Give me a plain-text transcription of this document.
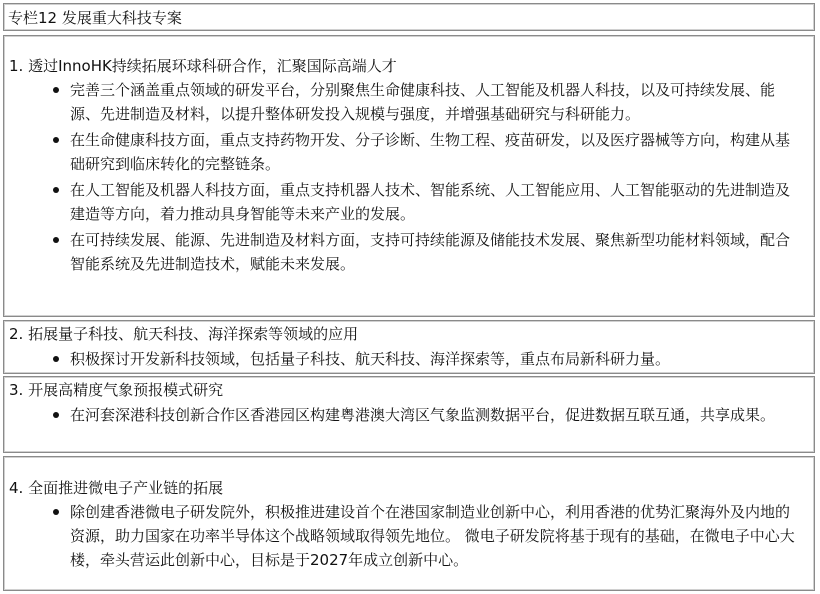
专栏12 发展重大科技专案
1. 透过InnoHK持续拓展环球科研合作，汇聚国际高端人才
完善三个涵盖重点领域的研发平台，分别聚焦生命健康科技、人工智能及机器人科技，以及可持续发展、能源、先进制造及材料，以提升整体研发投入规模与强度，并增强基础研究与科研能力。
在生命健康科技方面，重点支持药物开发、分子诊断、生物工程、疫苗研发，以及医疗器械等方向，构建从基础研究到临床转化的完整链条。
在人工智能及机器人科技方面，重点支持机器人技术、智能系统、人工智能应用、人工智能驱动的先进制造及建造等方向，着力推动具身智能等未来产业的发展。
在可持续发展、能源、先进制造及材料方面，支持可持续能源及储能技术发展、聚焦新型功能材料领域，配合智能系统及先进制造技术，赋能未来发展。
2. 拓展量子科技、航天科技、海洋探索等领域的应用
积极探讨开发新科技领域，包括量子科技、航天科技、海洋探索等，重点布局新科研力量。
3. 开展高精度气象预报模式研究
在河套深港科技创新合作区香港园区构建粤港澳大湾区气象监测数据平台，促进数据互联互通，共享成果。
4. 全面推进微电子产业链的拓展
除创建香港微电子研发院外，积极推进建设首个在港国家制造业创新中心，利用香港的优势汇聚海外及内地的资源，助力国家在功率半导体这个战略领域取得领先地位。 微电子研发院将基于现有的基础，在微电子中心大楼，牵头营运此创新中心，目标是于2027年成立创新中心。
